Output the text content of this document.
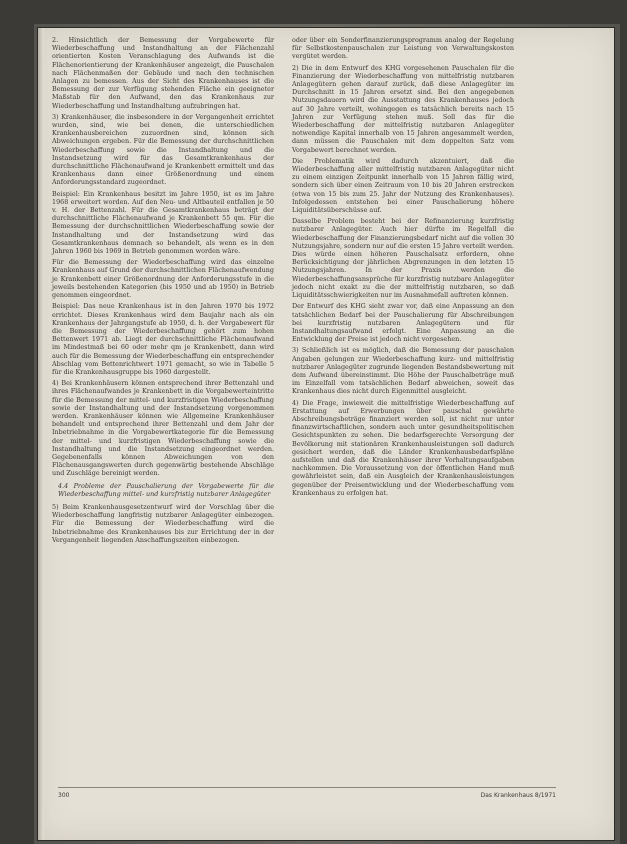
2. Hinsichtlich der Bemessung der Vorgabewerte für Wiederbeschaffung und Instandhaltung an der Flächenzahl orientierten Kosten Veranschlagung des Aufwands ist die Flächenorientierung der Krankenhäuser angezeigt, die Pauschalen nach Flächenmaßen der Gebäude und nach den technischen Anlagen zu bemessen. Aus der Sicht des Krankenhauses ist die Bemessung der zur Verfügung stehenden Fläche ein geeigneter Maßstab für den Aufwand, den das Krankenhaus zur Wiederbeschaffung und Instandhaltung aufzubringen hat.

3) Krankenhäuser, die insbesondere in der Vergangenheit errichtet wurden, sind, wie bei denen, die unterschiedlichen Krankenhausbereichen zuzuordnen sind, können sich Abweichungen ergeben. Für die Bemessung der durchschnittlichen Wiederbeschaffung sowie die Instandhaltung und die Instandsetzung wird für das Gesamtkrankenhaus der durchschnittliche Flächenaufwand je Krankenbett ermittelt und das Krankenhaus dann einer Größenordnung und einem Anforderungsstandard zugeordnet.

Beispiel: Ein Krankenhaus besitzt im Jahre 1950, ist es im Jahre 1968 erweitert worden. Auf den Neu- und Altbauteil entfallen je 50 v. H. der Bettenzahl. Für die Gesamtkrankenhaus beträgt der durchschnittliche Flächenaufwand je Krankenbett 55 qm. Für die Bemessung der durchschnittlichen Wiederbeschaffung sowie der Instandhaltung und der Instandsetzung wird das Gesamtkrankenhaus demnach so behandelt, als wenn es in den Jahren 1960 bis 1969 in Betrieb genommen worden wäre.

Für die Bemessung der Wiederbeschaffung wird das einzelne Krankenhaus auf Grund der durchschnittlichen Flächenaufwendung je Krankenbett einer Größenordnung der Anforderungsstufe in die jeweils bestehenden Kategorien (bis 1950 und ab 1950) in Betrieb genommen eingeordnet.

Beispiel: Das neue Krankenhaus ist in den Jahren 1970 bis 1972 errichtet. Dieses Krankenhaus wird dem Baujahr nach als ein Krankenhaus der Jahrgangstufe ab 1950, d. h. der Vorgabewert für die Bemessung der Wiederbeschaffung gehört zum hohen Bettenwert 1971 ab. Liegt der durchschnittliche Flächenaufwand im Mindestmaß bei 60 oder mehr qm je Krankenbett, dann wird auch für die Bemessung der Wiederbeschaffung ein entsprechender Abschlag vom Bettenrichtwert 1971 gemacht, so wie in Tabelle 5 für die Krankenhausgruppe bis 1960 dargestellt.

4) Bei Krankenhäusern können entsprechend ihrer Bettenzahl und ihres Flächenaufwandes je Krankenbett in die Vorgabewerteintritte für die Bemessung der mittel- und kurzfristigen Wiederbeschaffung sowie der Instandhaltung und der Instandsetzung vorgenommen werden. Krankenhäuser können wie Allgemeine Krankenhäuser behandelt und entsprechend ihrer Bettenzahl und dem Jahr der Inbetriebnahme in die Vorgabewertkategorie für die Bemessung der mittel- und kurzfristigen Wiederbeschaffung sowie die Instandhaltung und die Instandsetzung eingeordnet werden. Gegebenenfalls können Abweichungen von den Flächenausgangswerten durch gegenwärtig bestehende Abschläge und Zuschläge bereinigt werden.

4.4 Probleme der Pauschalierung der Vorgabewerte für die Wiederbeschaffung mittel- und kurzfristig nutzbarer Anlagegüter

5) Beim Krankenhausgesetzentwurf wird der Vorschlag über die Wiederbeschaffung langfristig nutzbarer Anlagegüter einbezogen. Für die Bemessung der Wiederbeschaffung wird die Inbetriebnahme des Krankenhauses bis zur Errichtung der in der Vergangenheit liegenden Anschaffungszeiten einbezogen.

oder über ein Sonderfinanzierungsprogramm analog der Regelung für Selbstkostenpauschalen zur Leistung von Verwaltungskosten vergütet werden.

2) Die in dem Entwurf des KHG vorgesehenen Pauschalen für die Finanzierung der Wiederbeschaffung von mittelfristig nutzbaren Anlagegütern gehen darauf zurück, daß diese Anlagegüter im Durchschnitt in 15 Jahren ersetzt sind. Bei den angegebenen Nutzungsdauern wird die Ausstattung des Krankenhauses jedoch auf 30 Jahre verteilt, wohingegen es tatsächlich bereits nach 15 Jahren zur Verfügung stehen muß. Soll das für die Wiederbeschaffung der mittelfristig nutzbaren Anlagegüter notwendige Kapital innerhalb von 15 Jahren angesammelt werden, dann müssen die Pauschalen mit dem doppelten Satz vom Vorgabewert berechnet werden.

Die Problematik wird dadurch akzentuiert, daß die Wiederbeschaffung aller mittelfristig nutzbaren Anlagegüter nicht zu einem einzigen Zeitpunkt innerhalb von 15 Jahren fällig wird, sondern sich über einen Zeitraum von 10 bis 20 Jahren erstrecken (etwa von 15 bis zum 25. Jahr der Nutzung des Krankenhauses). Infolgedessen entstehen bei einer Pauschalierung höhere Liquiditätsüberschüsse auf.

Dasselbe Problem besteht bei der Refinanzierung kurzfristig nutzbarer Anlagegüter. Auch hier dürfte im Regelfall die Wiederbeschaffung der Finanzierungsbedarf nicht auf die vollen 30 Nutzungsjahre, sondern nur auf die ersten 15 Jahre verteilt werden. Dies würde einen höheren Pauschalsatz erfordern, ohne Berücksichtigung der jährlichen Abgrenzungen in den letzten 15 Nutzungsjahren. In der Praxis werden die Wiederbeschaffungsansprüche für kurzfristig nutzbare Anlagegüter jedoch nicht exakt zu die der mittelfristig nutzbaren, so daß Liquiditätsschwierigkeiten nur im Ausnahmefall auftreten können.

Der Entwurf des KHG sieht zwar vor, daß eine Anpassung an den tatsächlichen Bedarf bei der Pauschalierung für Abschreibungen bei kurzfristig nutzbaren Anlagegütern und für Instandhaltungsaufwand erfolgt. Eine Anpassung an die Entwicklung der Preise ist jedoch nicht vorgesehen.

3) Schließlich ist es möglich, daß die Bemessung der pauschalen Angaben gelungen zur Wiederbeschaffung kurz- und mittelfristig nutzbarer Anlagegüter zugrunde liegenden Bestandsbewertung mit dem Aufwand übereinstimmt. Die Höhe der Pauschalbeträge muß im Einzelfall vom tatsächlichen Bedarf abweichen, soweit das Krankenhaus dies nicht durch Eigenmittel ausgleicht.

4) Die Frage, inwieweit die mittelfristige Wiederbeschaffung auf Erstattung auf Erwerbungen über pauschal gewährte Abschreibungsbeträge finanziert werden soll, ist nicht nur unter finanzwirtschaftlichen, sondern auch unter gesundheitspolitischen Gesichtspunkten zu sehen. Die bedarfsgerechte Versorgung der Bevölkerung mit stationären Krankenhausleistungen soll dadurch gesichert werden, daß die Länder Krankenhausbedarfspläne aufstellen und daß die Krankenhäuser ihrer Vorhaltungsaufgaben nachkommen. Die Voraussetzung von der öffentlichen Hand muß gewährleistet sein, daß ein Ausgleich der Krankenhausleistungen gegenüber der Preisentwicklung und der Wiederbeschaffung vom Krankenhaus zu erfolgen hat.

300	Das Krankenhaus 8/1971
